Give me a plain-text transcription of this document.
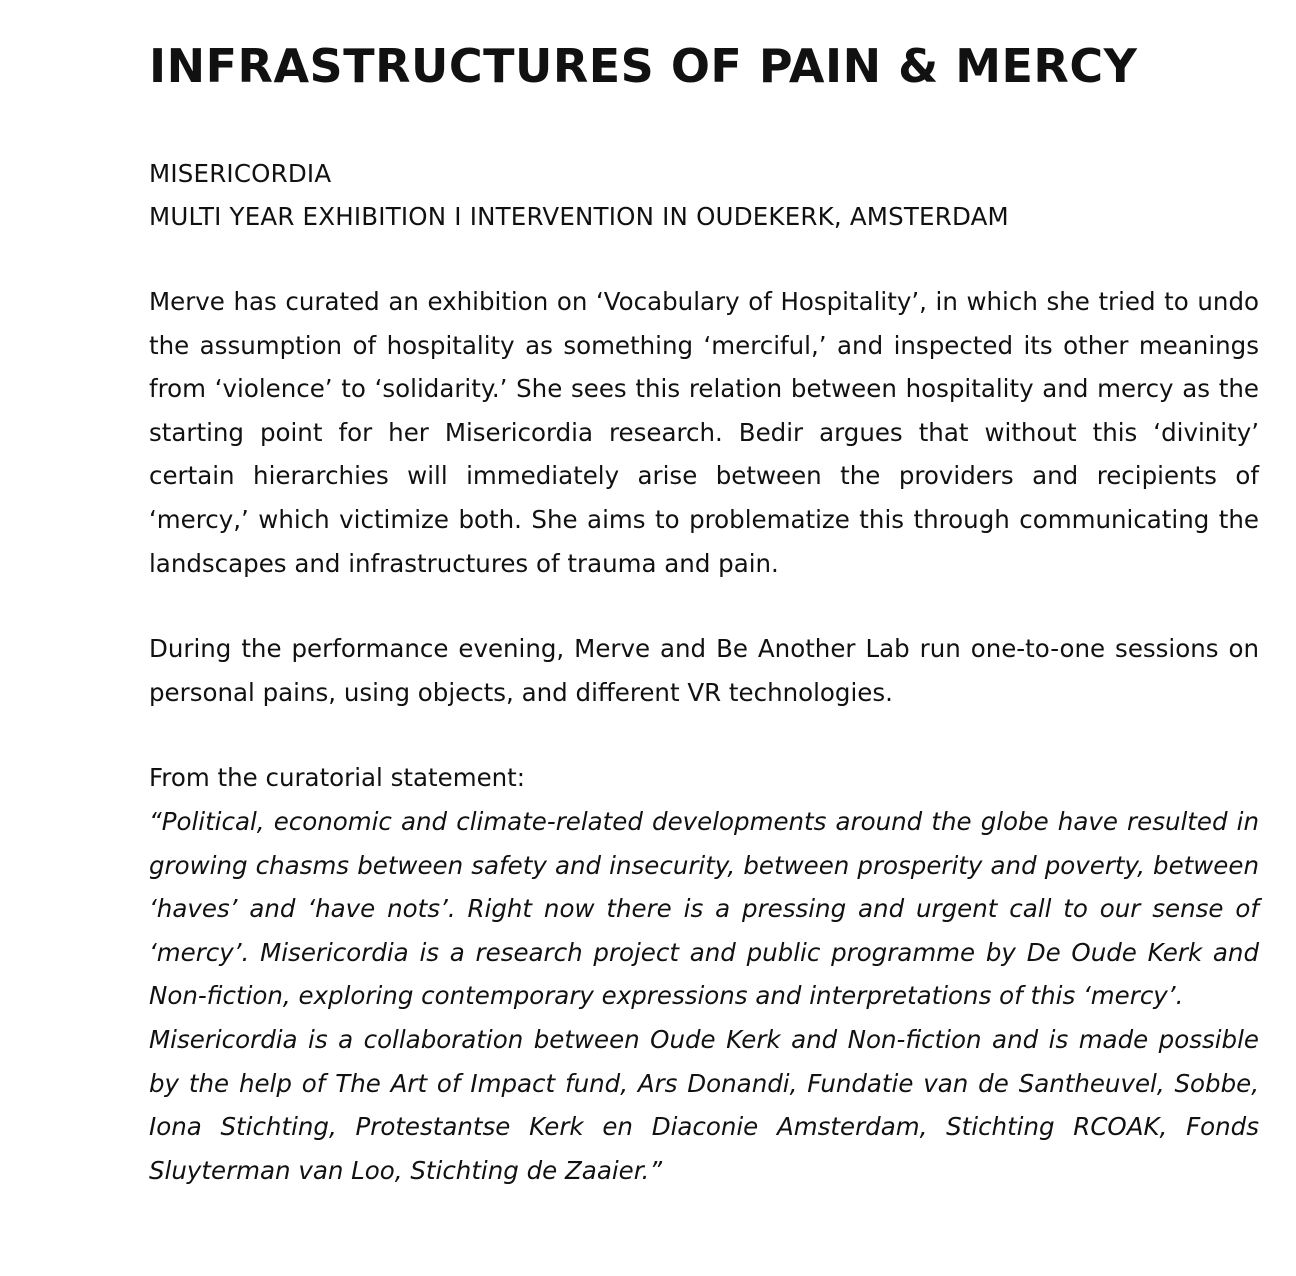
INFRASTRUCTURES OF PAIN & MERCY
MISERICORDIA
MULTI YEAR EXHIBITION I INTERVENTION IN OUDEKERK, AMSTERDAM

Merve has curated an exhibition on ‘Vocabulary of Hospitality’, in which she tried to undo the assumption of hospitality as something ‘merciful,’ and inspected its other meanings from ‘violence’ to ‘solidarity.’ She sees this relation between hospitality and mercy as the starting point for her Misericordia research. Bedir argues that without this ‘divinity’ certain hierarchies will immediately arise between the providers and recipients of ‘mercy,’ which victimize both. She aims to problematize this through communicating the landscapes and infrastructures of trauma and pain.

During the performance evening, Merve and Be Another Lab run one-to-one sessions on personal pains, using objects, and different VR technologies.

From the curatorial statement:

“Political, economic and climate-related developments around the globe have resulted in growing chasms between safety and insecurity, between prosperity and poverty, between ‘haves’ and ‘have nots’. Right now there is a pressing and urgent call to our sense of ‘mercy’. Misericordia is a research project and public programme by De Oude Kerk and Non-fiction, exploring contemporary expressions and interpretations of this ‘mercy’.

Misericordia is a collaboration between Oude Kerk and Non-fiction and is made possible by the help of The Art of Impact fund, Ars Donandi, Fundatie van de Santheuvel, Sobbe, Iona Stichting, Protestantse Kerk en Diaconie Amsterdam, Stichting RCOAK, Fonds Sluyterman van Loo, Stichting de Zaaier.”
